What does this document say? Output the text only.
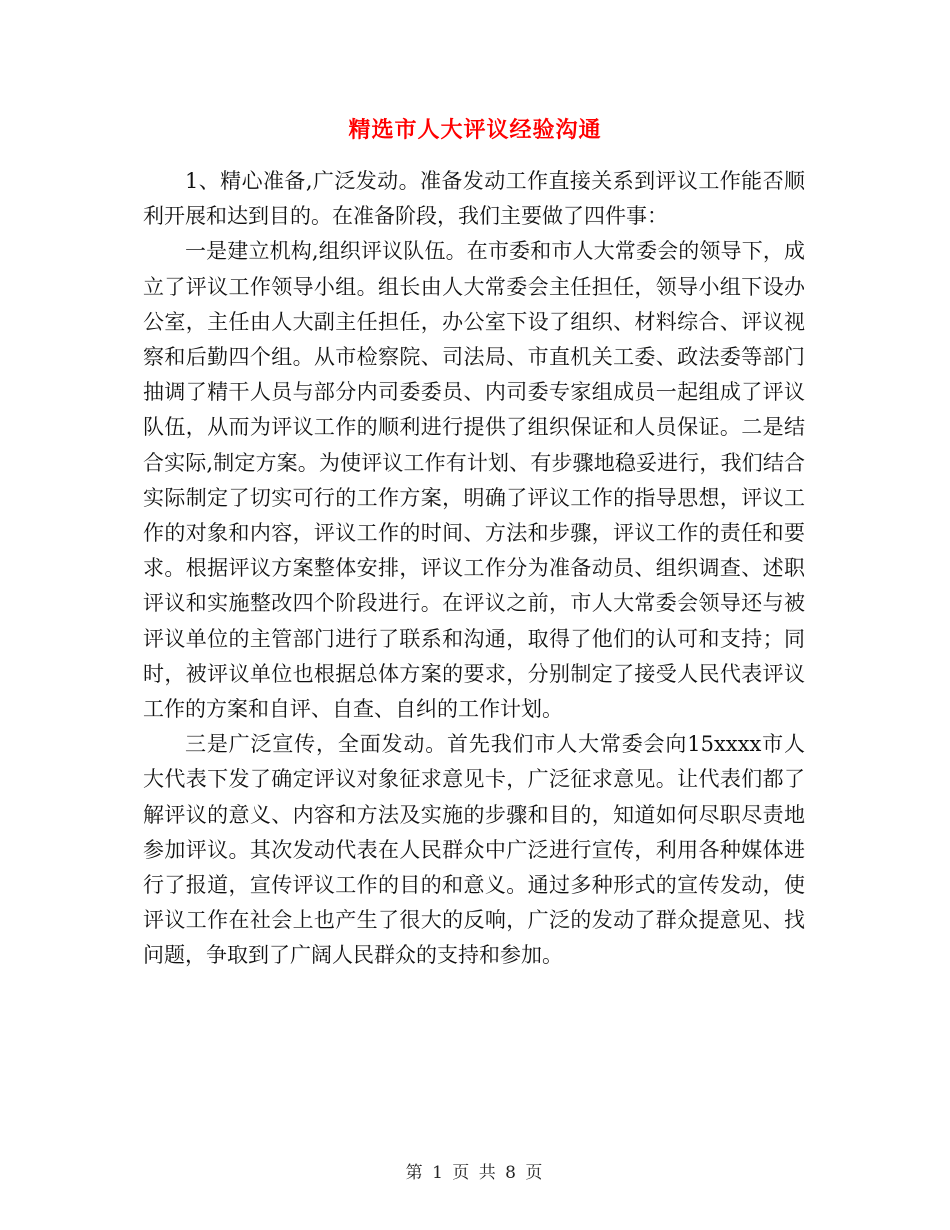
精选市人大评议经验沟通

1、精心准备,广泛发动。准备发动工作直接关系到评议工作能否顺利开展和达到目的。在准备阶段，我们主要做了四件事：

一是建立机构,组织评议队伍。在市委和市人大常委会的领导下，成立了评议工作领导小组。组长由人大常委会主任担任，领导小组下设办公室，主任由人大副主任担任，办公室下设了组织、材料综合、评议视察和后勤四个组。从市检察院、司法局、市直机关工委、政法委等部门抽调了精干人员与部分内司委委员、内司委专家组成员一起组成了评议队伍，从而为评议工作的顺利进行提供了组织保证和人员保证。二是结合实际,制定方案。为使评议工作有计划、有步骤地稳妥进行，我们结合实际制定了切实可行的工作方案，明确了评议工作的指导思想，评议工作的对象和内容，评议工作的时间、方法和步骤，评议工作的责任和要求。根据评议方案整体安排，评议工作分为准备动员、组织调查、述职评议和实施整改四个阶段进行。在评议之前，市人大常委会领导还与被评议单位的主管部门进行了联系和沟通，取得了他们的认可和支持；同时，被评议单位也根据总体方案的要求，分别制定了接受人民代表评议工作的方案和自评、自查、自纠的工作计划。

三是广泛宣传，全面发动。首先我们市人大常委会向15xxxx市人大代表下发了确定评议对象征求意见卡，广泛征求意见。让代表们都了解评议的意义、内容和方法及实施的步骤和目的，知道如何尽职尽责地参加评议。其次发动代表在人民群众中广泛进行宣传，利用各种媒体进行了报道，宣传评议工作的目的和意义。通过多种形式的宣传发动，使评议工作在社会上也产生了很大的反响，广泛的发动了群众提意见、找问题，争取到了广阔人民群众的支持和参加。

第 1 页 共 8 页
